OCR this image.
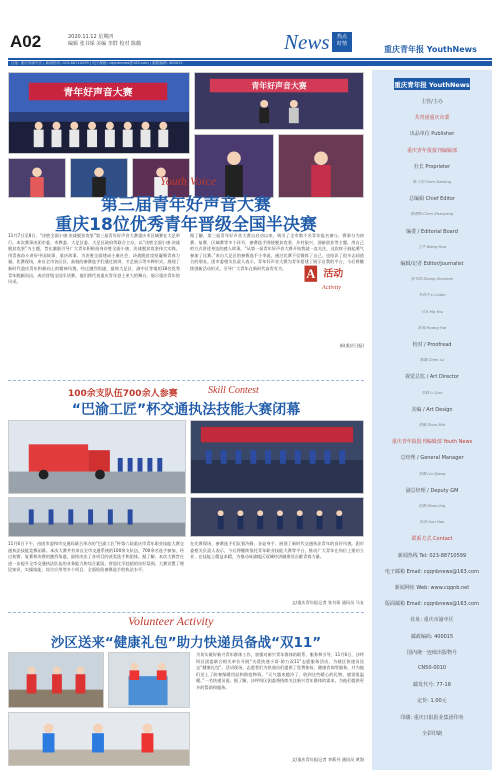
A02	2020.11.12 星期四
编辑 张书琛 美编 李群 校对 陈璐	News	热点
时情
重庆青年报 YouthNews
社址: 重庆市渝中区 | 新闻热线: 023-88710599 | 电子邮箱: cqqnbnews@163.com | 邮政编码: 400015
青年好声音大赛
青年好声音大赛
Youth Voice
第三届青年好声音大赛
重庆18位优秀青年晋级全国半决赛
11月7日至8日，“决胜全面小康·决战脱贫攻坚”第三届青年好声音大赛重庆市区域赛在大足举行。本次赛事由团市委、市教委、大足区委、大足区政府等联合主办，以“决胜全面小康·决战脱贫攻坚”为主题，旨在激励引导广大青年积极投身决胜全面小康、决战脱贫攻坚伟大实践，用青春奋斗讲好中国故事、重庆故事，为决胜全面建成小康社会、决战脱贫攻坚凝聚青春力量。比赛现场，来自全市各区县、高校的参赛选手们通过演讲、才艺展示等多种形式，展现了新时代重庆青年积极向上的精神风貌。经过激烈角逐，最终大足区、渝中区等地的18名优秀青年脱颖而出，成功晋级全国半决赛。他们将代表重庆青年登上更大的舞台，展示重庆青年的风采。
据了解，第三届青年好声音大赛自启动以来，吸引了全市数千名青年报名参与。赛事分为初赛、复赛、区域赛等多个环节，参赛选手围绕脱贫攻坚、乡村振兴、创新创业等主题，用自己的方式讲述身边的感人故事。“从第一届青年好声音大赛开始我就一直关注，这次终于鼓起勇气参加了比赛。”来自大足区的参赛选手小李说，通过比赛不仅锻炼了自己，也结识了很多志同道合的朋友。团市委相关负责人表示，青年好声音大赛为青年搭建了展示自我的平台，今后将继续创新活动形式，引导广大青年在新时代奋发有为。	A 活动
Activity
新(重庆日报)
100余支队伍700余人参赛	Skill Contest
“巴渝工匠”杯交通执法技能大赛闭幕
11月6日下午，由团市委和市交通局联合举办的“巴渝工匠”杯第六届重庆市青年职业技能大赛交通执法技能竞赛闭幕。本次大赛共有来自全市交通系统的100余支队伍、700余名选手参加，经过初赛、复赛和决赛的激烈角逐，最终决出了各项目的获奖选手和团体。据了解，本次大赛旨在进一步提升全市交通执法队伍的业务能力和综合素质，营造比学赶超的良好氛围。大赛设置了理论知识、实操技能、综合应用等多个项目，全面检验参赛选手的执法水平。
在比赛现场，参赛选手们沉着冷静、各显身手，展现了新时代交通执法青年的良好风貌。团市委相关负责人表示，今后将继续依托青年职业技能大赛等平台，推动广大青年在岗位上建功立业、在技能上精益求精，为推动成渝地区双城经济圈建设贡献青春力量。
文/重庆青年报记者 张书琛 通讯员 马友
Volunteer Activity
沙区送来“健康礼包”助力快递员备战“双11”
为切实做好新兴青年群体工作，加强对新兴青年群体的联系、服务和引导，11月6日，沙坪坝区团委联合相关单位开展“关爱快递小哥·助力双11”志愿服务活动，为辖区快递员送去“健康礼包”。活动现场，志愿者们为快递员们提供了免费体检、健康咨询等服务，并为他们送上了防寒保暖用品和防疫物资。“天气越来越冷了，收到这些暖心的礼物，感觉很温暖。”一名快递员说。据了解，沙坪坝区团委将持续关注新兴青年群体的需求，为他们提供更多的帮助和服务。
文/重庆青年报记者 李莉丹 通讯员 黄海
重庆青年报 YouthNews
主管/主办
共青团重庆市委
出品单位 Publisher
重庆青年报报刊编辑部
社长 Proprieter
陈大明 Chen Daming
总编辑 Chief Editor
陈朝阳 Chen Zhaoyang
编委 / Editorial Board
王华 Wang Hua
编辑/记者 Editor/Journalist
张书琛 Zhang Shuchen
李莉丹 Li Lidan
马友 Ma You
黄海 Huang Hai
校对 / Proofread
陈璐 Chen Lu
视觉总监 / Art Director
李群 Li Qun
美编 / Art Design
周敏 Zhou Min
重庆青年报报刊编辑部 Youth News
总经理 / General Manager
刘强 Liu Qiang
副总经理 / Deputy GM
赵静 Zhao Jing
孙浩 Sun Hao
联系方式 Contact
新闻热线 Tel: 023-88710599
电子邮箱 Email: cqqnbnews@163.com
新闻网址 Web: www.cqqnb.net
版面邮箱 Email: cqqnbnews@163.com
社址: 重庆市渝中区
邮政编码: 400015
国内统一连续出版物号
CN50-0010
邮发代号: 77-18
定价: 1.00元
印刷: 重庆日报报业集团印务
全彩印刷
